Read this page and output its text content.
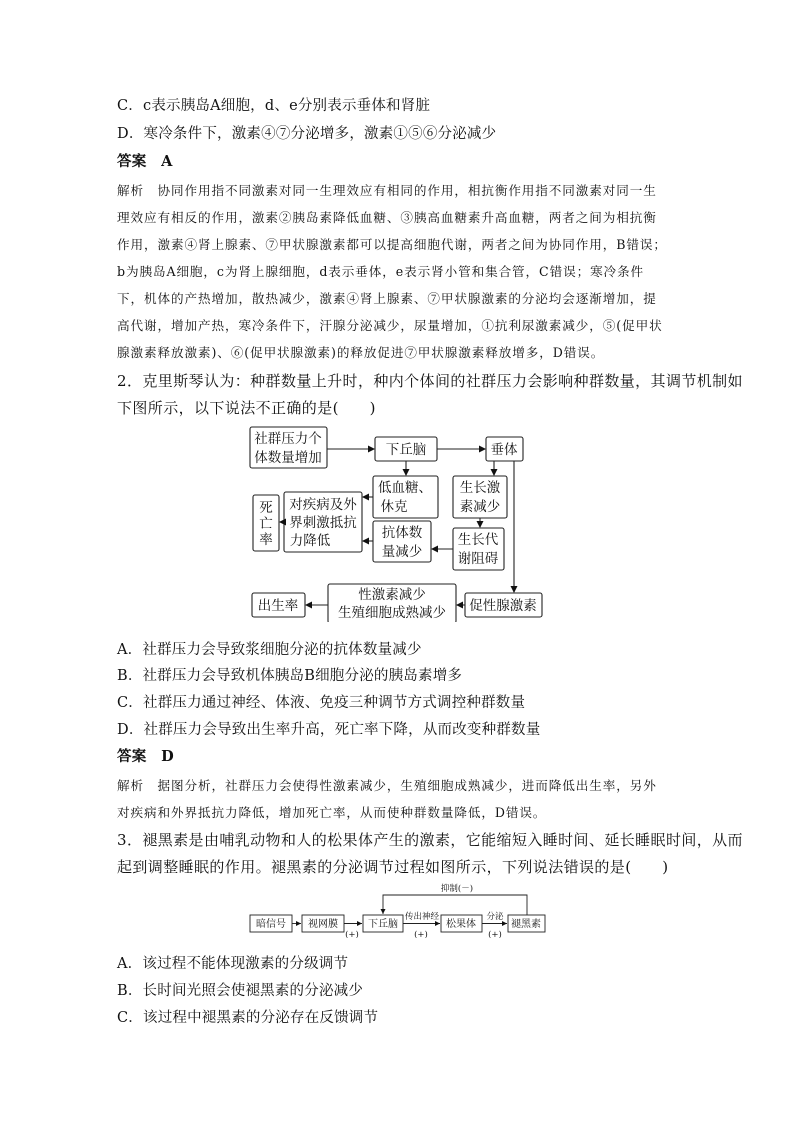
C．c表示胰岛A细胞，d、e分别表示垂体和肾脏
D．寒冷条件下，激素④⑦分泌增多，激素①⑤⑥分泌减少
答案　A
解析　协同作用指不同激素对同一生理效应有相同的作用，相抗衡作用指不同激素对同一生
理效应有相反的作用，激素②胰岛素降低血糖、③胰高血糖素升高血糖，两者之间为相抗衡
作用，激素④肾上腺素、⑦甲状腺激素都可以提高细胞代谢，两者之间为协同作用，B错误；
b为胰岛A细胞，c为肾上腺细胞，d表示垂体，e表示肾小管和集合管，C错误；寒冷条件
下，机体的产热增加，散热减少，激素④肾上腺素、⑦甲状腺激素的分泌均会逐渐增加，提
高代谢，增加产热，寒冷条件下，汗腺分泌减少，尿量增加，①抗利尿激素减少，⑤(促甲状
腺激素释放激素)、⑥(促甲状腺激素)的释放促进⑦甲状腺激素释放增多，D错误。
2．克里斯琴认为：种群数量上升时，种内个体间的社群压力会影响种群数量，其调节机制如
下图所示，以下说法不正确的是(　　)
社群压力个
体数量增加	下丘脑	垂体
低血糖、
休克
生长激
素减少
死
亡
率
对疾病及外
界刺激抵抗
力降低	抗体数
量减少
生长代
谢阻碍
出生率
性激素减少
生殖细胞成熟减少 促性腺激素
A．社群压力会导致浆细胞分泌的抗体数量减少
B．社群压力会导致机体胰岛B细胞分泌的胰岛素增多
C．社群压力通过神经、体液、免疫三种调节方式调控种群数量
D．社群压力会导致出生率升高，死亡率下降，从而改变种群数量
答案　D
解析　据图分析，社群压力会使得性激素减少，生殖细胞成熟减少，进而降低出生率，另外
对疾病和外界抵抗力降低，增加死亡率，从而使种群数量降低，D错误。
3．褪黑素是由哺乳动物和人的松果体产生的激素，它能缩短入睡时间、延长睡眠时间，从而
起到调整睡眠的作用。褪黑素的分泌调节过程如图所示，下列说法错误的是(　　)
暗信号 视网膜	下丘脑	松果体	褪黑素
抑制(－)
传出神经	分泌
(+)	(+)	(+)
A．该过程不能体现激素的分级调节
B．长时间光照会使褪黑素的分泌减少
C．该过程中褪黑素的分泌存在反馈调节
